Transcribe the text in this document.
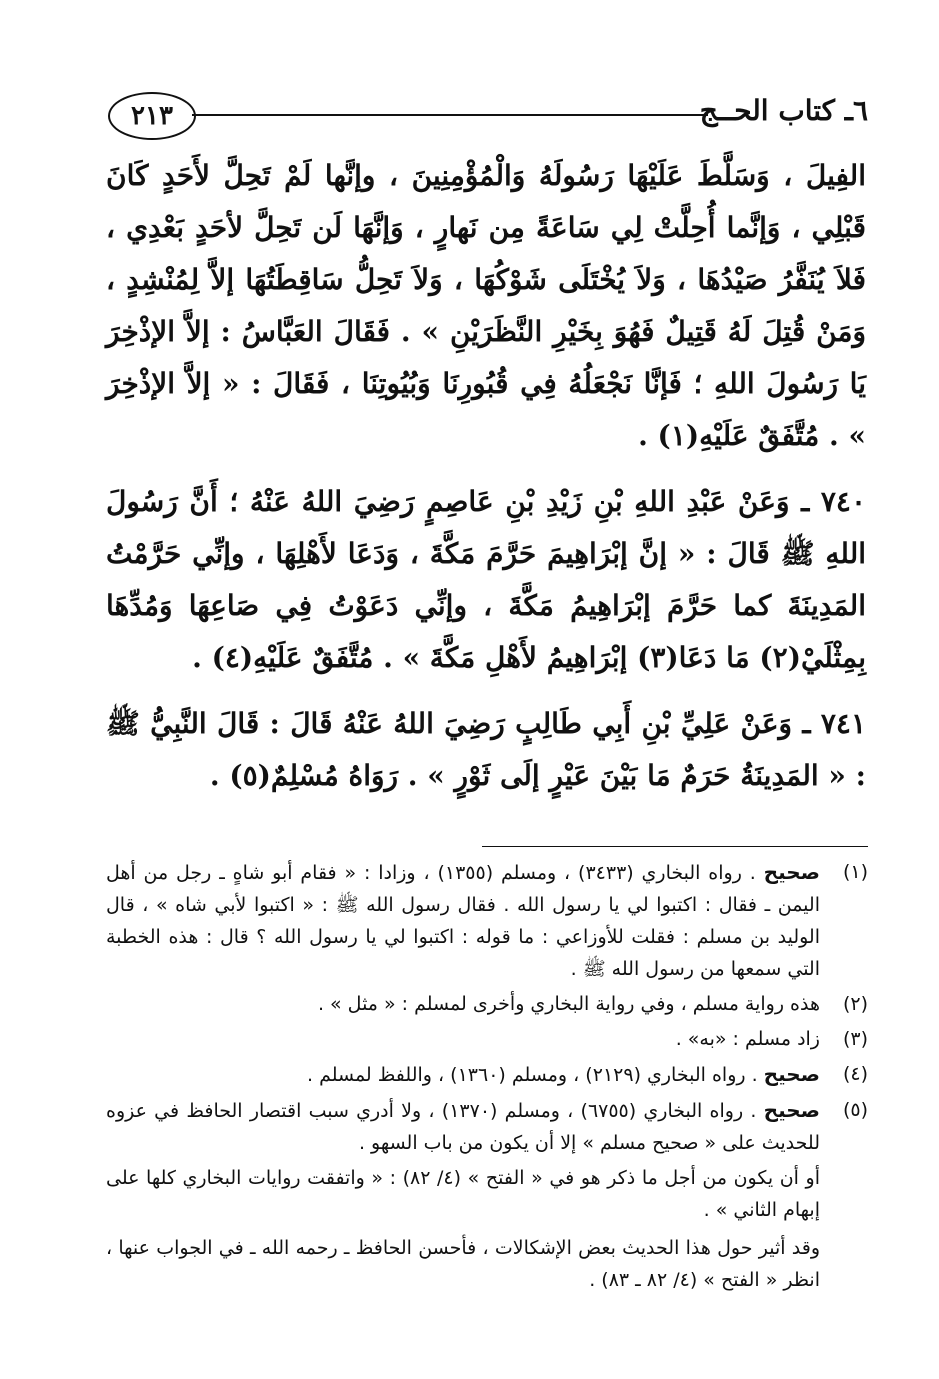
٢١٣	٦ـ كتاب الحــج

الفِيلَ ، وَسَلَّطَ عَلَيْهَا رَسُولَهُ وَالْمُؤْمِنِينَ ، وإنَّها لَمْ تَحِلَّ لأَحَدٍ كَانَ قَبْلِي ، وَإنَّما أُحِلَّتْ لِي سَاعَةً مِن نَهارٍ ، وَإنَّهَا لَن تَحِلَّ لأحَدٍ بَعْدِي ، فَلاَ يُنَفَّرُ صَيْدُهَا ، وَلاَ يُخْتَلَى شَوْكُهَا ، وَلاَ تَحِلُّ سَاقِطَتُهَا إلاَّ لِمُنْشِدٍ ، وَمَنْ قُتِلَ لَهُ قَتِيلٌ فَهُوَ بِخَيْرِ النَّظَرَيْنِ » . فَقَالَ العَبَّاسُ : إلاَّ الإذْخِرَ يَا رَسُولَ اللهِ ؛ فَإنَّا نَجْعَلُهُ فِي قُبُورِنَا وَبُيُوتِنَا ، فَقَالَ : « إلاَّ الإذْخِرَ » . مُتَّفَقٌ عَلَيْهِ(١) .

٧٤٠ ـ وَعَنْ عَبْدِ اللهِ بْنِ زَيْدِ بْنِ عَاصِمٍ رَضِيَ اللهُ عَنْهُ ؛ أَنَّ رَسُولَ اللهِ ﷺ قَالَ : « إنَّ إبْرَاهِيمَ حَرَّمَ مَكَّةَ ، وَدَعَا لأَهْلِهَا ، وإنِّي حَرَّمْتُ المَدِينَةَ كما حَرَّمَ إبْرَاهِيمُ مَكَّةَ ، وإنِّي دَعَوْتُ فِي صَاعِهَا وَمُدِّهَا بِمِثْلَيْ(٢) مَا دَعَا(٣) إبْرَاهِيمُ لأَهْلِ مَكَّةَ » . مُتَّفَقٌ عَلَيْهِ(٤) .

٧٤١ ـ وَعَنْ عَلِيِّ بْنِ أَبِي طَالِبٍ رَضِيَ اللهُ عَنْهُ قَالَ : قَالَ النَّبِيُّ ﷺ : « المَدِينَةُ حَرَمٌ مَا بَيْنَ عَيْرٍ إلَى ثَوْرٍ » . رَوَاهُ مُسْلِمٌ(٥) .

(١)
صحيح . رواه البخاري (٣٤٣٣) ، ومسلم (١٣٥٥) ، وزادا : « فقام أبو شاهٍ ـ رجل من أهل اليمن ـ فقال : اكتبوا لي يا رسول الله . فقال رسول الله ﷺ : « اكتبوا لأبي شاه » ، قال الوليد بن مسلم : فقلت للأوزاعي : ما قوله : اكتبوا لي يا رسول الله ؟ قال : هذه الخطبة التي سمعها من رسول الله ﷺ .
(٢)
هذه رواية مسلم ، وفي رواية البخاري وأخرى لمسلم : « مثل » .
(٣)
زاد مسلم : «به» .
(٤)
صحيح . رواه البخاري (٢١٢٩) ، ومسلم (١٣٦٠) ، واللفظ لمسلم .
(٥)
صحيح . رواه البخاري (٦٧٥٥) ، ومسلم (١٣٧٠) ، ولا أدري سبب اقتصار الحافظ في عزوه للحديث على « صحيح مسلم » إلا أن يكون من باب السهو .
أو أن يكون من أجل ما ذكر هو في « الفتح » (٤/ ٨٢) : « واتفقت روايات البخاري كلها على إبهام الثاني » .
وقد أثير حول هذا الحديث بعض الإشكالات ، فأحسن الحافظ ـ رحمه الله ـ في الجواب عنها ، انظر « الفتح » (٤/ ٨٢ ـ ٨٣) .
